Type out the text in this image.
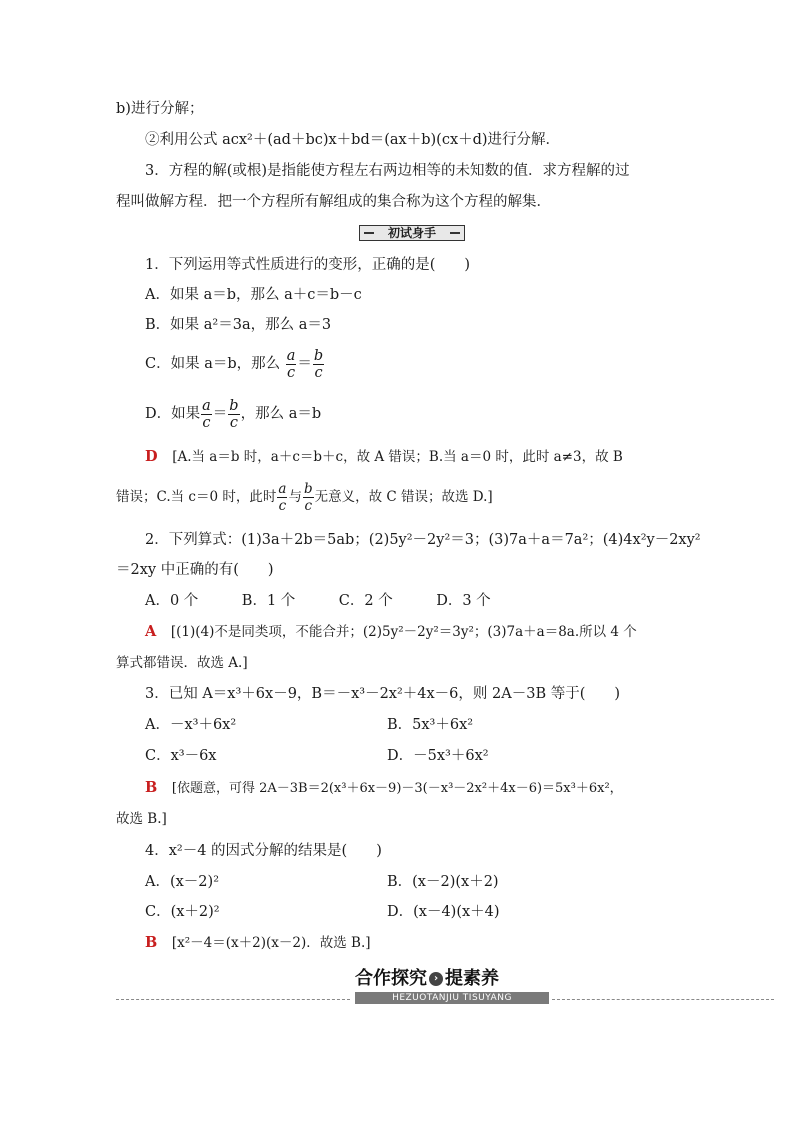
b)进行分解；
②利用公式 acx²＋(ad＋bc)x＋bd＝(ax＋b)(cx＋d)进行分解．
3．方程的解(或根)是指能使方程左右两边相等的未知数的值．求方程解的过
程叫做解方程．把一个方程所有解组成的集合称为这个方程的解集．
初试身手
1．下列运用等式性质进行的变形，正确的是(　　)
A．如果 a＝b，那么 a＋c＝b－c
B．如果 a²＝3a，那么 a＝3
C．如果 a＝b，那么 $\frac{a}{c} = \frac{b}{c}$
D．如果 $\frac{a}{c} = \frac{b}{c}$ ，那么 a＝b
D [A.当 a＝b 时，a＋c＝b＋c，故 A 错误；B.当 a＝0 时，此时 a≠3，故 B
错误；C.当 c＝0 时，此时 $\frac{a}{c}$ 与 $\frac{b}{c}$ 无意义，故 C 错误；故选 D.]
2．下列算式：(1)3a＋2b＝5ab；(2)5y²－2y²＝3；(3)7a＋a＝7a²；(4)4x²y－2xy²
＝2xy 中正确的有(　　)
A．0 个　　　B．1 个　　　C．2 个　　　D．3 个
A [(1)(4)不是同类项，不能合并；(2)5y²－2y²＝3y²；(3)7a＋a＝8a.所以 4 个
算式都错误．故选 A.]
3．已知 A＝x³＋6x－9，B＝－x³－2x²＋4x－6，则 2A－3B 等于(　　)
A．－x³＋6x²	B．5x³＋6x²
C．x³－6x	D．－5x³＋6x²
B [依题意，可得 2A－3B＝2(x³＋6x－9)－3(－x³－2x²＋4x－6)＝5x³＋6x²，
故选 B.]
4．x²－4 的因式分解的结果是(　　)
A．(x－2)²	B．(x－2)(x＋2)
C．(x＋2)²	D．(x－4)(x＋4)
B [x²－4＝(x＋2)(x－2)．故选 B.]
合作探究 › 提素养
HEZUOTANJIU TISUYANG
